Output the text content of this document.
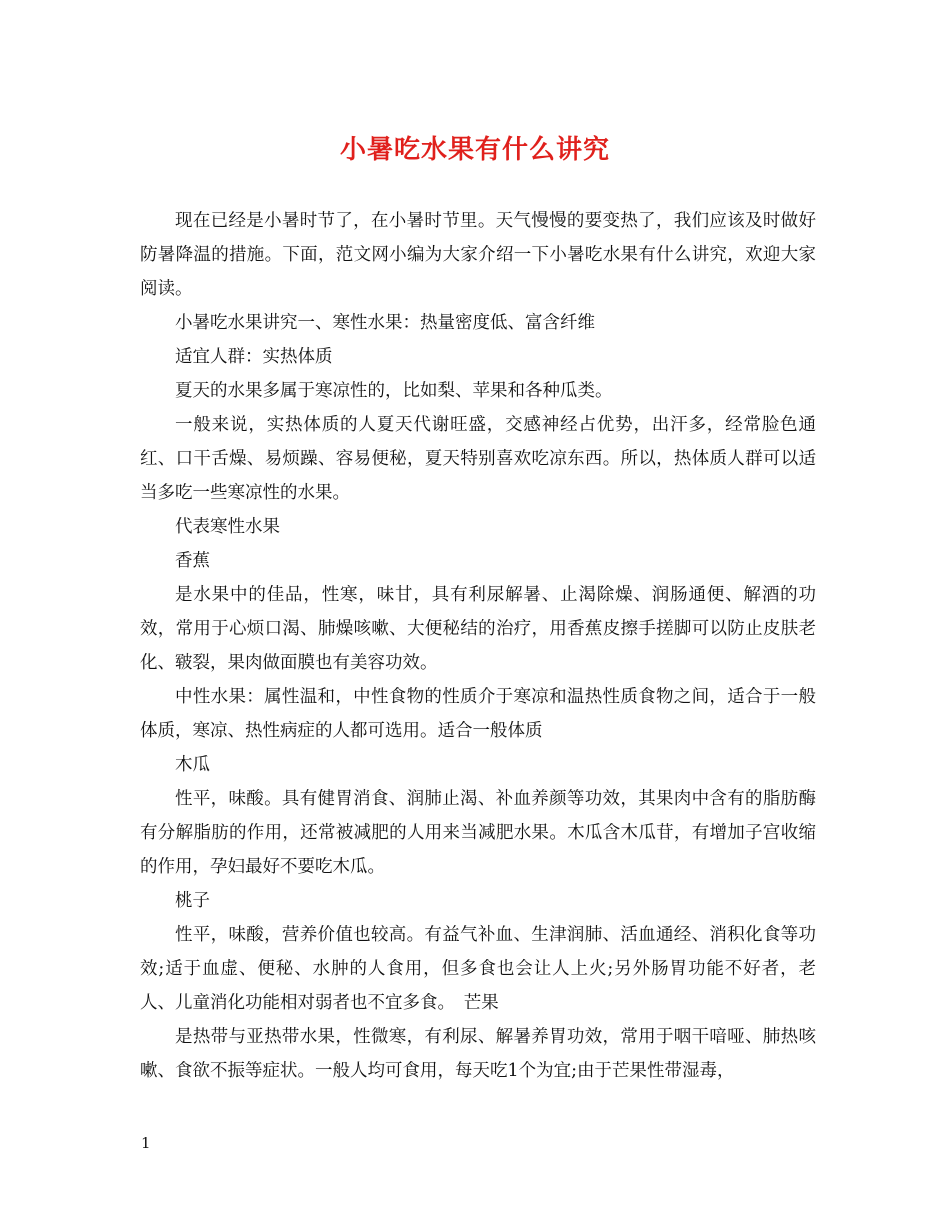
小暑吃水果有什么讲究

现在已经是小暑时节了，在小暑时节里。天气慢慢的要变热了，我们应该及时做好防暑降温的措施。下面，范文网小编为大家介绍一下小暑吃水果有什么讲究，欢迎大家阅读。

小暑吃水果讲究一、寒性水果：热量密度低、富含纤维

适宜人群：实热体质

夏天的水果多属于寒凉性的，比如梨、苹果和各种瓜类。

一般来说，实热体质的人夏天代谢旺盛，交感神经占优势，出汗多，经常脸色通红、口干舌燥、易烦躁、容易便秘，夏天特别喜欢吃凉东西。所以，热体质人群可以适当多吃一些寒凉性的水果。

代表寒性水果

香蕉

是水果中的佳品，性寒，味甘，具有利尿解暑、止渴除燥、润肠通便、解酒的功效，常用于心烦口渴、肺燥咳嗽、大便秘结的治疗，用香蕉皮擦手搓脚可以防止皮肤老化、皲裂，果肉做面膜也有美容功效。

中性水果：属性温和，中性食物的性质介于寒凉和温热性质食物之间，适合于一般体质，寒凉、热性病症的人都可选用。适合一般体质

木瓜

性平，味酸。具有健胃消食、润肺止渴、补血养颜等功效，其果肉中含有的脂肪酶有分解脂肪的作用，还常被减肥的人用来当减肥水果。木瓜含木瓜苷，有增加子宫收缩的作用，孕妇最好不要吃木瓜。

桃子

性平，味酸，营养价值也较高。有益气补血、生津润肺、活血通经、消积化食等功效;适于血虚、便秘、水肿的人食用，但多食也会让人上火;另外肠胃功能不好者，老人、儿童消化功能相对弱者也不宜多食。　芒果

是热带与亚热带水果，性微寒，有利尿、解暑养胃功效，常用于咽干喑哑、肺热咳嗽、食欲不振等症状。一般人均可食用，每天吃1个为宜;由于芒果性带湿毒，

1
